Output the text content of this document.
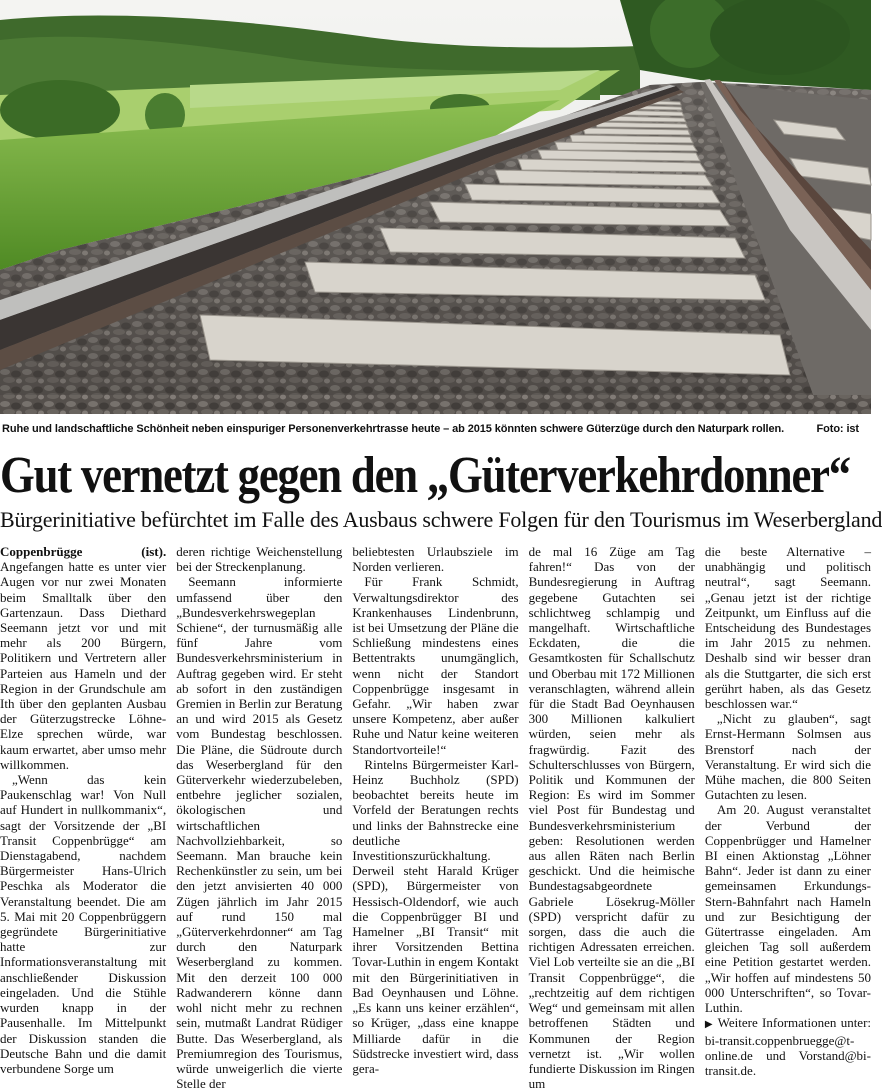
Ruhe und landschaftliche Schönheit neben einspuriger Personenverkehrtrasse heute – ab 2015 könnten schwere Güterzüge durch den Naturpark rollen.	Foto: ist
Gut vernetzt gegen den „Güterverkehrdonner“
Bürgerinitiative befürchtet im Falle des Ausbaus schwere Folgen für den Tourismus im Weserbergland

Coppenbrügge (ist). Angefangen hatte es unter vier Augen vor nur zwei Monaten beim Smalltalk über den Gartenzaun. Dass Diethard Seemann jetzt vor und mit mehr als 200 Bürgern, Politikern und Vertretern aller Parteien aus Hameln und der Region in der Grundschule am Ith über den geplanten Ausbau der Güterzugstrecke Löhne-Elze sprechen würde, war kaum erwartet, aber umso mehr willkommen.

„Wenn das kein Paukenschlag war! Von Null auf Hundert in nullkommanix“, sagt der Vorsitzende der „BI Transit Coppenbrügge“ am Dienstagabend, nachdem Bürgermeister Hans-Ulrich Peschka als Moderator die Veranstaltung beendet. Die am 5. Mai mit 20 Coppenbrüggern gegründete Bürgerinitiative hatte zur Informationsveranstaltung mit anschließender Diskussion eingeladen. Und die Stühle wurden knapp in der Pausenhalle. Im Mittelpunkt der Diskussion standen die Deutsche Bahn und die damit verbundene Sorge um

deren richtige Weichenstellung bei der Streckenplanung.

Seemann informierte umfassend über den „Bundesverkehrswegeplan Schiene“, der turnusmäßig alle fünf Jahre vom Bundesverkehrsministerium in Auftrag gegeben wird. Er steht ab sofort in den zuständigen Gremien in Berlin zur Beratung an und wird 2015 als Gesetz vom Bundestag beschlossen. Die Pläne, die Südroute durch das Weserbergland für den Güterverkehr wiederzubeleben, entbehre jeglicher sozialen, ökologischen und wirtschaftlichen Nachvollziehbarkeit, so Seemann. Man brauche kein Rechenkünstler zu sein, um bei den jetzt anvisierten 40 000 Zügen jährlich im Jahr 2015 auf rund 150 mal „Güterverkehrdonner“ am Tag durch den Naturpark Weserbergland zu kommen. Mit den derzeit 100 000 Radwanderern könne dann wohl nicht mehr zu rechnen sein, mutmaßt Landrat Rüdiger Butte. Das Weserbergland, als Premiumregion des Tourismus, würde unweigerlich die vierte Stelle der

beliebtesten Urlaubsziele im Norden verlieren.

Für Frank Schmidt, Verwaltungsdirektor des Krankenhauses Lindenbrunn, ist bei Umsetzung der Pläne die Schließung mindestens eines Bettentrakts unumgänglich, wenn nicht der Standort Coppenbrügge insgesamt in Gefahr. „Wir haben zwar unsere Kompetenz, aber außer Ruhe und Natur keine weiteren Standortvorteile!“

Rintelns Bürgermeister Karl-Heinz Buchholz (SPD) beobachtet bereits heute im Vorfeld der Beratungen rechts und links der Bahnstrecke eine deutliche Investitionszurückhaltung. Derweil steht Harald Krüger (SPD), Bürgermeister von Hessisch-Oldendorf, wie auch die Coppenbrügger BI und Hamelner „BI Transit“ mit ihrer Vorsitzenden Bettina Tovar-Luthin in engem Kontakt mit den Bürgerinitiativen in Bad Oeynhausen und Löhne. „Es kann uns keiner erzählen“, so Krüger, „dass eine knappe Milliarde dafür in die Südstrecke investiert wird, dass gera-

de mal 16 Züge am Tag fahren!“ Das von der Bundesregierung in Auftrag gegebene Gutachten sei schlichtweg schlampig und mangelhaft. Wirtschaftliche Eckdaten, die die Gesamtkosten für Schallschutz und Oberbau mit 172 Millionen veranschlagten, während allein für die Stadt Bad Oeynhausen 300 Millionen kalkuliert würden, seien mehr als fragwürdig. Fazit des Schulterschlusses von Bürgern, Politik und Kommunen der Region: Es wird im Sommer viel Post für Bundestag und Bundesverkehrsministerium geben: Resolutionen werden aus allen Räten nach Berlin geschickt. Und die heimische Bundestagsabgeordnete Gabriele Lösekrug-Möller (SPD) verspricht dafür zu sorgen, dass die auch die richtigen Adressaten erreichen. Viel Lob verteilte sie an die „BI Transit Coppenbrügge“, die „rechtzeitig auf dem richtigen Weg“ und gemeinsam mit allen betroffenen Städten und Kommunen der Region vernetzt ist. „Wir wollen fundierte Diskussion im Ringen um

die beste Alternative – unabhängig und politisch neutral“, sagt Seemann. „Genau jetzt ist der richtige Zeitpunkt, um Einfluss auf die Entscheidung des Bundestages im Jahr 2015 zu nehmen. Deshalb sind wir besser dran als die Stuttgarter, die sich erst gerührt haben, als das Gesetz beschlossen war.“

„Nicht zu glauben“, sagt Ernst-Hermann Solmsen aus Brenstorf nach der Veranstaltung. Er wird sich die Mühe machen, die 800 Seiten Gutachten zu lesen.

Am 20. August veranstaltet der Verbund der Coppenbrügger und Hamelner BI einen Aktionstag „Löhner Bahn“. Jeder ist dann zu einer gemeinsamen Erkundungs-Stern-Bahnfahrt nach Hameln und zur Besichtigung der Gütertrasse eingeladen. Am gleichen Tag soll außerdem eine Petition gestartet werden. „Wir hoffen auf mindestens 50 000 Unterschriften“, so Tovar-Luthin.

▶ Weitere Informationen unter: bi-transit.coppenbruegge@t-online.de und Vorstand@bi-transit.de.
